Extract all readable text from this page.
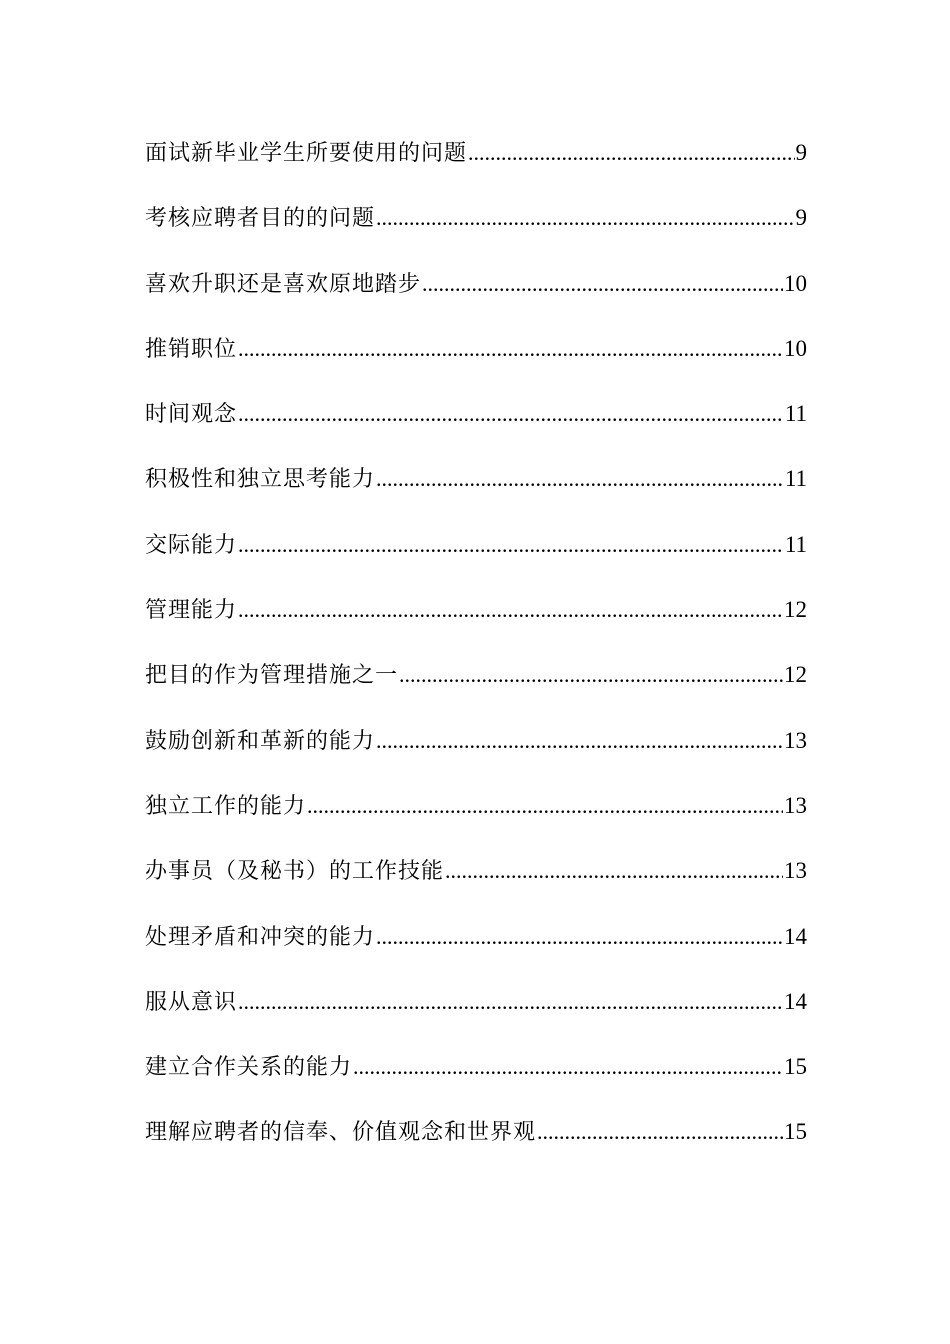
面试新毕业学生所要使用的问题 .....	9
考核应聘者目的的问题 .....	9
喜欢升职还是喜欢原地踏步 .....	10
推销职位 .....	10
时间观念 .....	11
积极性和独立思考能力 .....	11
交际能力 .....	11
管理能力 .....	12
把目的作为管理措施之一 .....	12
鼓励创新和革新的能力 .....	13
独立工作的能力 .....	13
办事员（及秘书）的工作技能 .....	13
处理矛盾和冲突的能力 .....	14
服从意识 .....	14
建立合作关系的能力 .....	15
理解应聘者的信奉、价值观念和世界观 .....	15
